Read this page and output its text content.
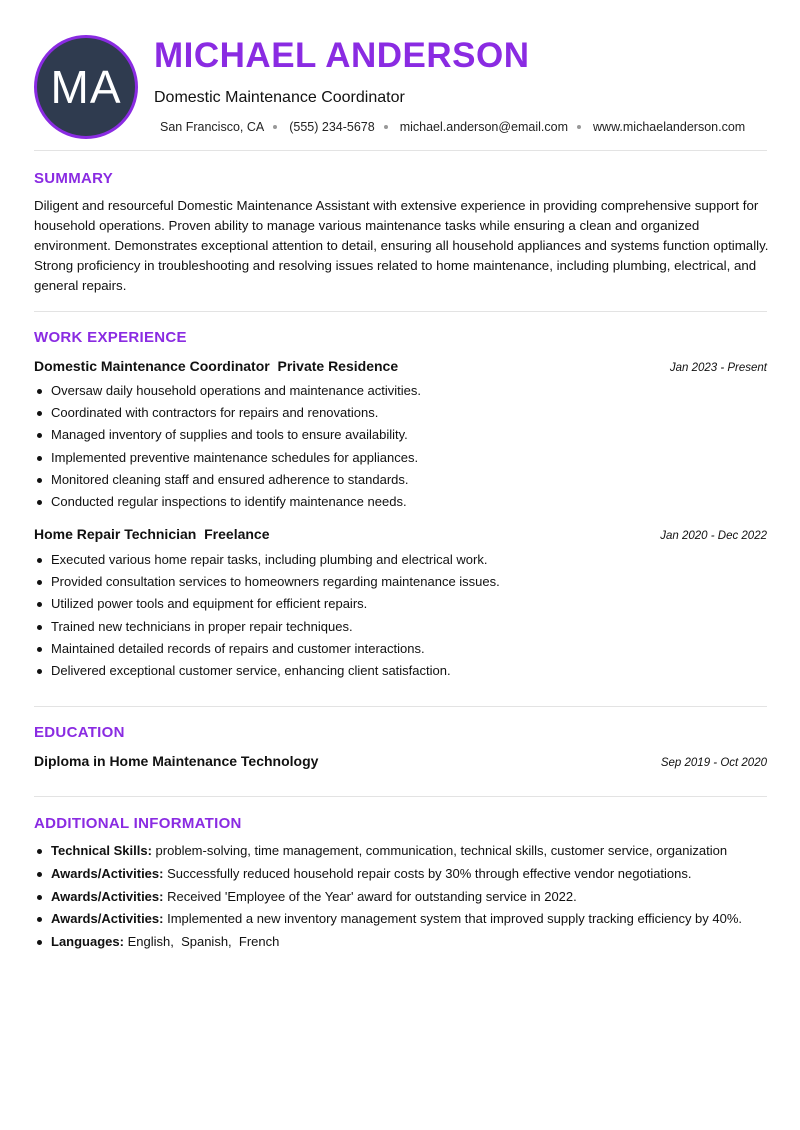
MA
MICHAEL ANDERSON
Domestic Maintenance Coordinator
San Francisco, CA (555) 234-5678 michael.anderson@email.com www.michaelanderson.com
SUMMARY
Diligent and resourceful Domestic Maintenance Assistant with extensive experience in providing comprehensive support for household operations. Proven ability to manage various maintenance tasks while ensuring a clean and organized environment. Demonstrates exceptional attention to detail, ensuring all household appliances and systems function optimally. Strong proficiency in troubleshooting and resolving issues related to home maintenance, including plumbing, electrical, and general repairs.
WORK EXPERIENCE
Domestic Maintenance Coordinator  Private Residence	Jan 2023 - Present
Oversaw daily household operations and maintenance activities.
Coordinated with contractors for repairs and renovations.
Managed inventory of supplies and tools to ensure availability.
Implemented preventive maintenance schedules for appliances.
Monitored cleaning staff and ensured adherence to standards.
Conducted regular inspections to identify maintenance needs.
Home Repair Technician  Freelance	Jan 2020 - Dec 2022
Executed various home repair tasks, including plumbing and electrical work.
Provided consultation services to homeowners regarding maintenance issues.
Utilized power tools and equipment for efficient repairs.
Trained new technicians in proper repair techniques.
Maintained detailed records of repairs and customer interactions.
Delivered exceptional customer service, enhancing client satisfaction.
EDUCATION
Diploma in Home Maintenance Technology	Sep 2019 - Oct 2020
ADDITIONAL INFORMATION
Technical Skills: problem-solving, time management, communication, technical skills, customer service, organization
Awards/Activities: Successfully reduced household repair costs by 30% through effective vendor negotiations.
Awards/Activities: Received 'Employee of the Year' award for outstanding service in 2022.
Awards/Activities: Implemented a new inventory management system that improved supply tracking efficiency by 40%.
Languages: English,  Spanish,  French
